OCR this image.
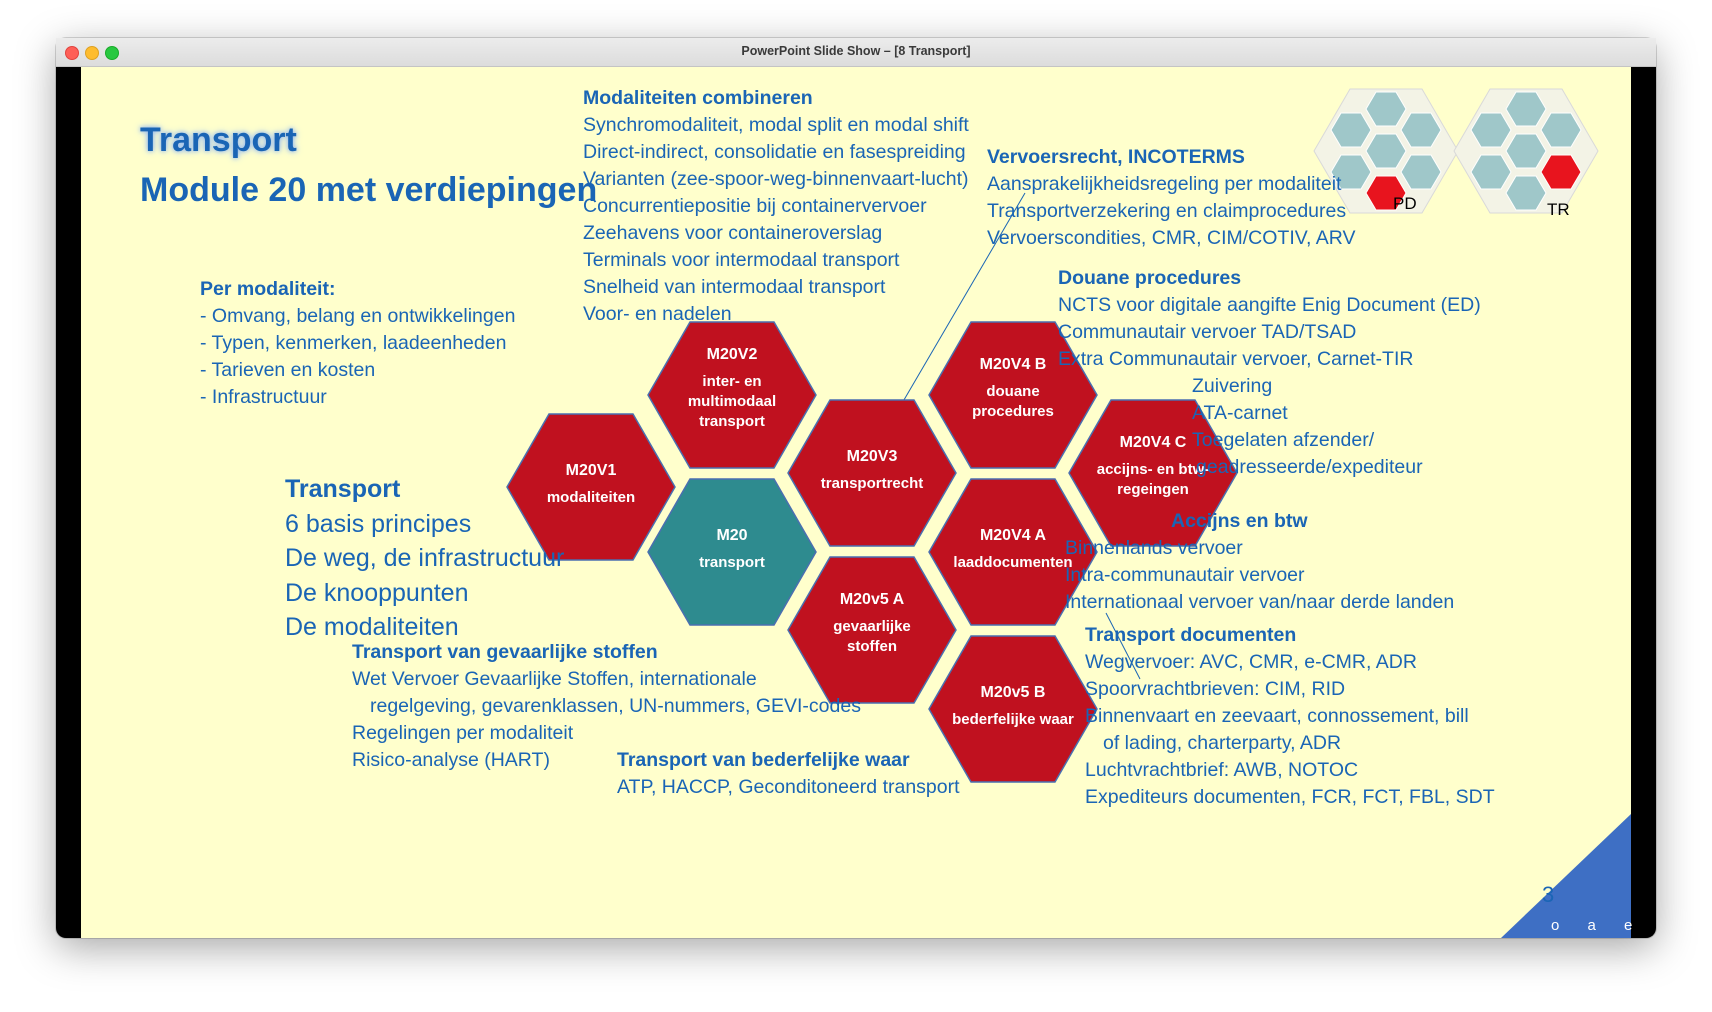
PowerPoint Slide Show – [8 Transport]
Transport
Module 20 met verdiepingen
M20V1
modaliteiten
M20V2
inter- en
multimodaal
transport
M20
transport
M20V3
transportrecht
M20v5 A
gevaarlijke
stoffen
M20V4 B
douane
procedures
M20V4 A
laaddocumenten
M20v5 B
bederfelijke waar
M20V4 C
accijns- en btw-
regeingen
PD	TR
Modaliteiten combineren
Synchromodaliteit, modal split en modal shift
Direct-indirect, consolidatie en fasespreiding
Varianten (zee-spoor-weg-binnenvaart-lucht)
Concurrentiepositie bij containervervoer
Zeehavens voor containeroverslag
Terminals voor intermodaal transport
Snelheid van intermodaal transport
Voor- en nadelen
Vervoersrecht, INCOTERMS
Aansprakelijkheidsregeling per modaliteit
Transportverzekering en claimprocedures
Vervoerscondities, CMR, CIM/COTIV, ARV
Per modaliteit:
- Omvang, belang en ontwikkelingen
- Typen, kenmerken, laadeenheden
- Tarieven en kosten
- Infrastructuur
Douane procedures
NCTS voor digitale aangifte Enig Document (ED)
Communautair vervoer TAD/TSAD
Extra Communautair vervoer, Carnet-TIR
Zuivering
ATA-carnet
Toegelaten afzender/
geadresseerde/expediteur
Transport
6 basis principes
De weg, de infrastructuur
De knooppunten
De modaliteiten
Accijns en btw
Binnenlands vervoer
Intra-communautair vervoer
Internationaal vervoer van/naar derde landen
Transport van gevaarlijke stoffen
Wet Vervoer Gevaarlijke Stoffen, internationale
regelgeving, gevarenklassen, UN-nummers, GEVI-codes
Regelingen per modaliteit
Risico-analyse (HART)	Transport van bederfelijke waar
ATP, HACCP, Geconditoneerd transport
Transport documenten
Wegvervoer: AVC, CMR, e-CMR, ADR
Spoorvrachtbrieven: CIM, RID
Binnenvaart en zeevaart, connossement, bill
of lading, charterparty, ADR
Luchtvrachtbrief: AWB, NOTOC
Expediteurs documenten, FCR, FCT, FBL, SDT
o a e
3
